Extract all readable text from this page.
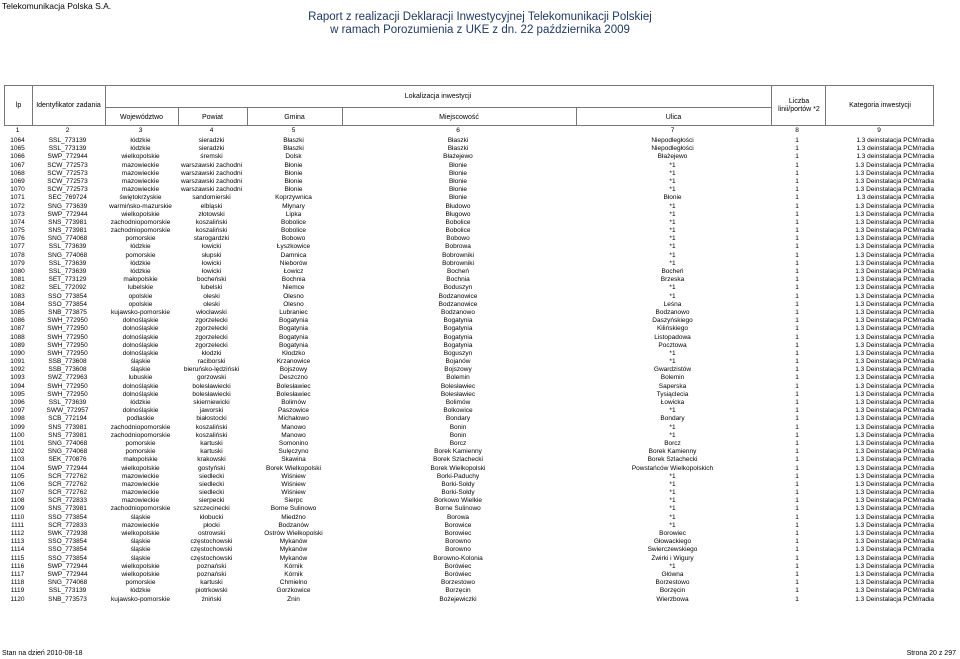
Telekomunikacja Polska S.A.
Raport z realizacji Deklaracji Inwestycyjnej Telekomunikacji Polskiej
w ramach Porozumienia z UKE z dn. 22 października 2009
lp	Identyfikator zadania
Lokalizacja inwestycji
Województwo	Powiat	Gmina	Miejscowość	Ulica
Liczba linii/portów *2
Kategoria inwestycji
1	2	3	4	5	6	7	8	9
1064	SSL_773139	łódzkie	sieradzki	Błaszki	Błaszki	Niepodległości	1	1.3 deinstalacja PCM/radia
1065	SSL_773139	łódzkie	sieradzki	Błaszki	Błaszki	Niepodległości	1	1.3 deinstalacja PCM/radia
1066	SWP_772944	wielkopolskie	śremski	Dolsk	Błażejewo	Błażejewo	1	1.3 deinstalacja PCM/radia
1067	SCW_772573	mazowieckie	warszawski zachodni	Błonie	Błonie	*1	1	1.3 Deinstalacja PCM/radia
1068	SCW_772573	mazowieckie	warszawski zachodni	Błonie	Błonie	*1	1	1.3 Deinstalacja PCM/radia
1069	SCW_772573	mazowieckie	warszawski zachodni	Błonie	Błonie	*1	1	1.3 Deinstalacja PCM/radia
1070	SCW_772573	mazowieckie	warszawski zachodni	Błonie	Błonie	*1	1	1.3 Deinstalacja PCM/radia
1071	SEC_769724	świętokrzyskie	sandomierski	Koprzywnica	Błonie	Błonie	1	1.3 deinstalacja PCM/radia
1072	SNG_773639	warmińsko-mazurskie	elbląski	Młynary	Błudowo	*1	1	1.3 Deinstalacja PCM/radia
1073	SWP_772944	wielkopolskie	złotowski	Lipka	Bługowo	*1	1	1.3 Deinstalacja PCM/radia
1074	SNS_773981	zachodniopomorskie	koszaliński	Bobolice	Bobolice	*1	1	1.3 Deinstalacja PCM/radia
1075	SNS_773981	zachodniopomorskie	koszaliński	Bobolice	Bobolice	*1	1	1.3 Deinstalacja PCM/radia
1076	SNG_774068	pomorskie	starogardzki	Bobowo	Bobowo	*1	1	1.3 Deinstalacja PCM/radia
1077	SSL_773639	łódzkie	łowicki	Łyszkowice	Bobrowa	*1	1	1.3 Deinstalacja PCM/radia
1078	SNG_774068	pomorskie	słupski	Damnica	Bobrowniki	*1	1	1.3 Deinstalacja PCM/radia
1079	SSL_773639	łódzkie	łowicki	Nieborów	Bobrowniki	*1	1	1.3 Deinstalacja PCM/radia
1080	SSL_773639	łódzkie	łowicki	Łowicz	Bocheń	Bocheń	1	1.3 Deinstalacja PCM/radia
1081	SET_773129	małopolskie	bocheński	Bochnia	Bochnia	Brzeska	1	1.3 Deinstalacja PCM/radia
1082	SEL_772092	lubelskie	lubelski	Niemce	Boduszyn	*1	1	1.3 Deinstalacja PCM/radia
1083	SSO_773854	opolskie	oleski	Olesno	Bodzanowice	*1	1	1.3 Deinstalacja PCM/radia
1084	SSO_773854	opolskie	oleski	Olesno	Bodzanowice	Leśna	1	1.3 Deinstalacja PCM/radia
1085	SNB_773875	kujawsko-pomorskie	włocławski	Lubraniec	Bodzanowo	Bodzanowo	1	1.3 Deinstalacja PCM/radia
1086	SWH_772950	dolnośląskie	zgorzelecki	Bogatynia	Bogatynia	Daszyńskiego	1	1.3 Deinstalacja PCM/radia
1087	SWH_772950	dolnośląskie	zgorzelecki	Bogatynia	Bogatynia	Kilińskiego	1	1.3 Deinstalacja PCM/radia
1088	SWH_772950	dolnośląskie	zgorzelecki	Bogatynia	Bogatynia	Listopadowa	1	1.3 Deinstalacja PCM/radia
1089	SWH_772950	dolnośląskie	zgorzelecki	Bogatynia	Bogatynia	Pocztowa	1	1.3 Deinstalacja PCM/radia
1090	SWH_772950	dolnośląskie	kłodzki	Kłodzko	Boguszyn	*1	1	1.3 Deinstalacja PCM/radia
1091	SSB_773608	śląskie	raciborski	Krzanowice	Bojanów	*1	1	1.3 Deinstalacja PCM/radia
1092	SSB_773608	śląskie	bieruńsko-lędziński	Bojszowy	Bojszowy	Gwardzistów	1	1.3 Deinstalacja PCM/radia
1093	SWZ_772963	lubuskie	gorzowski	Deszczno	Bolemin	Bolemin	1	1.3 Deinstalacja PCM/radia
1094	SWH_772950	dolnośląskie	bolesławiecki	Bolesławiec	Bolesławiec	Saperska	1	1.3 Deinstalacja PCM/radia
1095	SWH_772950	dolnośląskie	bolesławiecki	Bolesławiec	Bolesławiec	Tysiąclecia	1	1.3 Deinstalacja PCM/radia
1096	SSL_773639	łódzkie	skierniewicki	Bolimów	Bolimów	Łowicka	1	1.3 Deinstalacja PCM/radia
1097	SWW_772957	dolnośląskie	jaworski	Paszowice	Bolkowice	*1	1	1.3 Deinstalacja PCM/radia
1098	SCB_772194	podlaskie	białostocki	Michałowo	Bondary	Bondary	1	1.3 Deinstalacja PCM/radia
1099	SNS_773981	zachodniopomorskie	koszaliński	Manowo	Bonin	*1	1	1.3 Deinstalacja PCM/radia
1100	SNS_773981	zachodniopomorskie	koszaliński	Manowo	Bonin	*1	1	1.3 Deinstalacja PCM/radia
1101	SNG_774068	pomorskie	kartuski	Somonino	Borcz	Borcz	1	1.3 Deinstalacja PCM/radia
1102	SNG_774068	pomorskie	kartuski	Sulęczyno	Borek Kamienny	Borek Kamienny	1	1.3 Deinstalacja PCM/radia
1103	SEK_770876	małopolskie	krakowski	Skawina	Borek Szlachecki	Borek Szlachecki	1	1.3 Deinstalacja PCM/radia
1104	SWP_772944	wielkopolskie	gostyński	Borek Wielkopolski	Borek Wielkopolski	Powstańców Wielkopolskich	1	1.3 Deinstalacja PCM/radia
1105	SCR_772762	mazowieckie	siedlecki	Wiśniew	Borki-Paduchy	*1	1	1.3 Deinstalacja PCM/radia
1106	SCR_772762	mazowieckie	siedlecki	Wiśniew	Borki-Sołdy	*1	1	1.3 Deinstalacja PCM/radia
1107	SCR_772762	mazowieckie	siedlecki	Wiśniew	Borki-Sołdy	*1	1	1.3 Deinstalacja PCM/radia
1108	SCR_772833	mazowieckie	sierpecki	Sierpc	Borkowo Wielkie	*1	1	1.3 Deinstalacja PCM/radia
1109	SNS_773981	zachodniopomorskie	szczecinecki	Borne Sulinowo	Borne Sulinowo	*1	1	1.3 Deinstalacja PCM/radia
1110	SSO_773854	śląskie	kłobucki	Miedźno	Borowa	*1	1	1.3 Deinstalacja PCM/radia
1111	SCR_772833	mazowieckie	płocki	Bodzanów	Borowice	*1	1	1.3 Deinstalacja PCM/radia
1112	SWK_772938	wielkopolskie	ostrowski	Ostrów Wielkopolski	Borowiec	Borowiec	1	1.3 Deinstalacja PCM/radia
1113	SSO_773854	śląskie	częstochowski	Mykanów	Borowno	Głowackiego	1	1.3 Deinstalacja PCM/radia
1114	SSO_773854	śląskie	częstochowski	Mykanów	Borowno	Świerczewskiego	1	1.3 Deinstalacja PCM/radia
1115	SSO_773854	śląskie	częstochowski	Mykanów	Borowno-Kolonia	Żwirki i Wigury	1	1.3 Deinstalacja PCM/radia
1116	SWP_772944	wielkopolskie	poznański	Kórnik	Borówiec	*1	1	1.3 Deinstalacja PCM/radia
1117	SWP_772944	wielkopolskie	poznański	Kórnik	Borówiec	Główna	1	1.3 Deinstalacja PCM/radia
1118	SNG_774068	pomorskie	kartuski	Chmielno	Borzestowo	Borzestowo	1	1.3 Deinstalacja PCM/radia
1119	SSL_773139	łódzkie	piotrkowski	Gorzkowice	Borzęcin	Borzęcin	1	1.3 Deinstalacja PCM/radia
1120	SNB_773573	kujawsko-pomorskie	żniński	Żnin	Bożejewiczki	Wierzbowa	1	1.3 Deinstalacja PCM/radia
Stan na dzień 2010-08-18	Strona 20 z 297
